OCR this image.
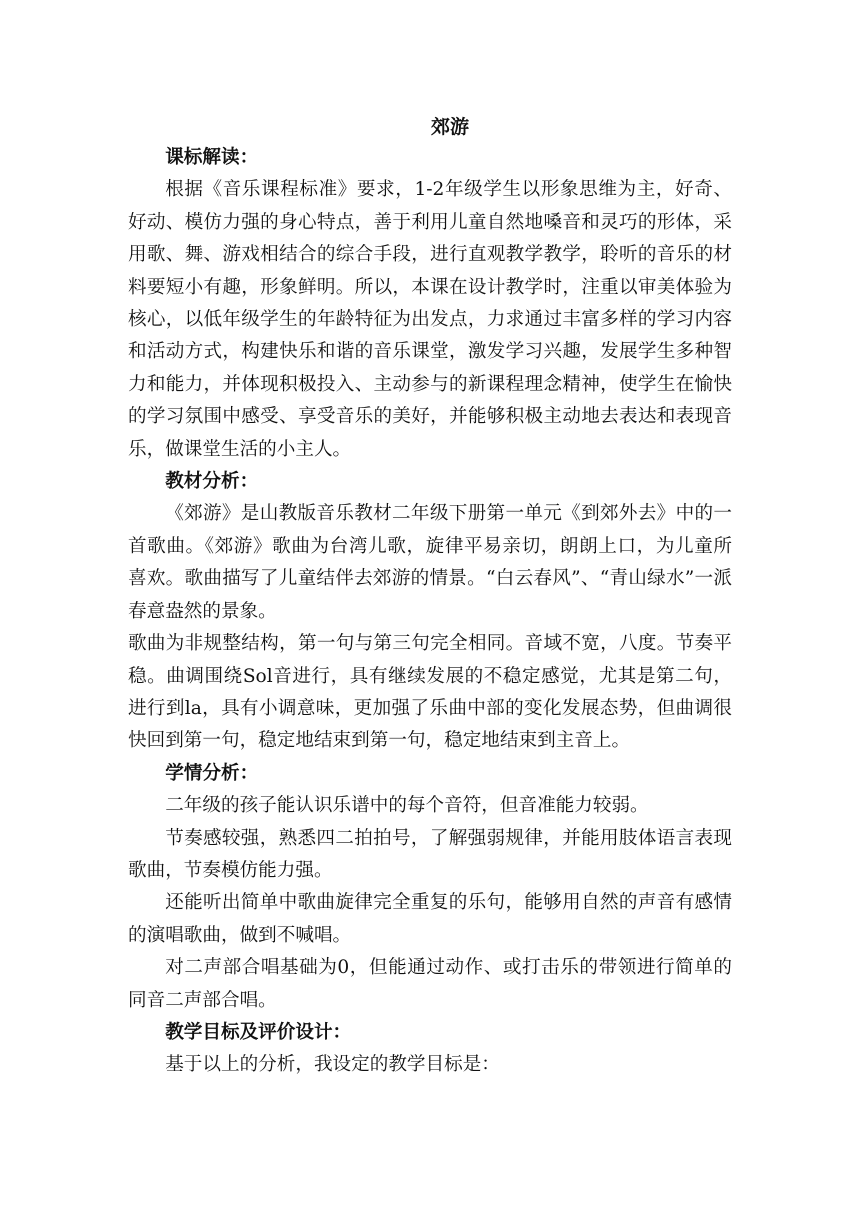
郊游
课标解读：
根据《音乐课程标准》要求，1-2年级学生以形象思维为主，好奇、好动、模仿力强的身心特点，善于利用儿童自然地嗓音和灵巧的形体，采用歌、舞、游戏相结合的综合手段，进行直观教学教学，聆听的音乐的材料要短小有趣，形象鲜明。所以，本课在设计教学时，注重以审美体验为核心，以低年级学生的年龄特征为出发点，力求通过丰富多样的学习内容和活动方式，构建快乐和谐的音乐课堂，激发学习兴趣，发展学生多种智力和能力，并体现积极投入、主动参与的新课程理念精神，使学生在愉快的学习氛围中感受、享受音乐的美好，并能够积极主动地去表达和表现音乐，做课堂生活的小主人。
教材分析：
《郊游》是山教版音乐教材二年级下册第一单元《到郊外去》中的一首歌曲。《郊游》歌曲为台湾儿歌，旋律平易亲切，朗朗上口，为儿童所喜欢。歌曲描写了儿童结伴去郊游的情景。“白云春风”、“青山绿水”一派春意盎然的景象。
歌曲为非规整结构，第一句与第三句完全相同。音域不宽，八度。节奏平稳。曲调围绕Sol音进行，具有继续发展的不稳定感觉，尤其是第二句，进行到la，具有小调意味，更加强了乐曲中部的变化发展态势，但曲调很快回到第一句，稳定地结束到第一句，稳定地结束到主音上。
学情分析：
二年级的孩子能认识乐谱中的每个音符，但音准能力较弱。
节奏感较强，熟悉四二拍拍号，了解强弱规律，并能用肢体语言表现歌曲，节奏模仿能力强。
还能听出简单中歌曲旋律完全重复的乐句，能够用自然的声音有感情的演唱歌曲，做到不喊唱。
对二声部合唱基础为0，但能通过动作、或打击乐的带领进行简单的同音二声部合唱。
教学目标及评价设计：
基于以上的分析，我设定的教学目标是：
